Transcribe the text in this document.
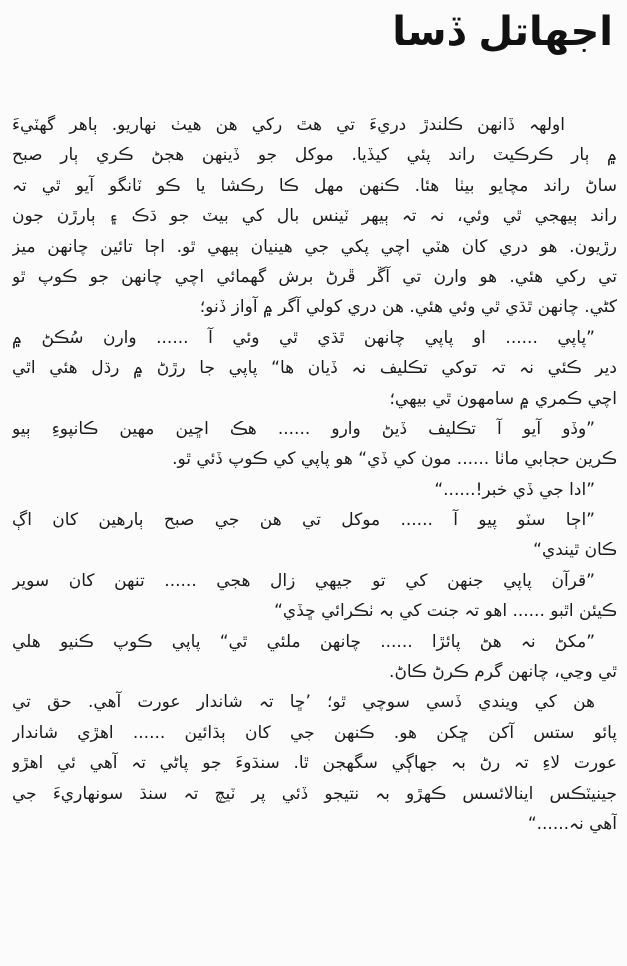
اجهاتل ڏسا
اولهہ ڏانهن ڪلندڙ دريءَ تي هٿ رکي هن هيٺ نهاريو. ٻاهر گهٽيءَ
۾ ٻار ڪرڪيٽ راند پئي کيڏيا. موکل جو ڏينهن هجڻ ڪري ٻار صبح
ساڻ راند مچايو بيٺا هئا. ڪنهن مهل ڪا رڪشا يا ڪو ٽانگو آيو ٿي تہ
راند ٻيهجي ٿي وئي، نہ تہ ٻيهر ٽينس بال کي بيٽ جو ڌڪ ۽ ٻارڙن جون
رڙيون. هو دري کان هٽي اچي پکي جي هينيان ٻيهي ٿو. اڄا تائين چانهن ميز
تي رکي هئي. هو وارن تي آڱر ڦرڻ برش گهمائي اچي چانهن جو ڪوپ ٿو
کڻي. چانهن ٿڌي ٿي وئي هئي. هن دري کولي آگر ۾ آواز ڏنو؛
”پاپي ...... او پاپي چانهن ٿڌي ٿي وئي آ ...... وارن سُڪڻ ۾
دير ڪئي نہ تہ توکي تڪليف نہ ڏيان ها“ پاپي جا رڙڻ ۾ رڌل هئي اٿي
اچي ڪمري ۾ سامهون ٿي بيهي؛
”وڏو آيو آ تڪليف ڏيڻ وارو ...... هڪ اڇين مهين ڪانپوءِ ٻيو
ڪرين حجابي ماٺا ...... مون کي ڏي“ هو پاپي کي ڪوپ ڏئي ٿو.
”ادا جي ڏي خبر!......“
”اڄا سٽو پيو آ ...... موکل تي هن جي صبح ٻارهين کان اڳ
ڪان ٿيندي“
”قرآن پاپي جنهن کي تو جيهي زال هجي ...... تنهن کان سوير
ڪيئن اٿبو ...... اهو تہ جنت کي بہ ٺڪرائي ڇڏي“
”مکڻ نہ هڻ پائڙا ...... چانهن ملئي ٿي“ پاپي ڪوپ ڪنيو هلي
ٿي وڃي، چانهن گرم ڪرڻ ڪاڻ.
هن کي ويندي ڏسي سوچي ٿو؛ ’ڇا تہ شاندار عورت آهي. حق تي
پائو ستس آکن ڇکن هو. ڪنهن جي کان ٻڌائين ...... اهڙي شاندار
عورت لاءِ تہ رڻ بہ جهاڳي سگهجن ٿا. سنڌوءَ جو پاڻي تہ آهي ئي اهڙو
جينيٽڪس اينالائسس ڪهڙو بہ نتيجو ڏئي پر ٽيچ تہ سنڌ سونهاريءَ جي
آهي نہ......“
